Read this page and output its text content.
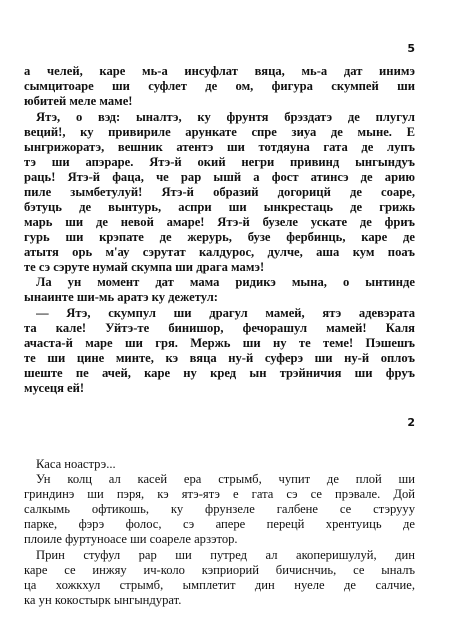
5
а челей, каре мь-а инсуфлат вяца, мь-а дат инимэ
сымцитоаре ши суфлет де ом, фигура скумпей ши
юбитей меле мамеǃ
Ятэ, о вэд: ыналтэ, ку фрунтя брэздатэ де плугул
вецийǃ, ку привириле арункате спре зиуа де мыне. Е
ынгрижоратэ, вешник атентэ ши тотдяуна гата де лупъ
тэ ши апэраре. Ятэ-й окий негри привинд ынгындуъ
рацьǃ Ятэ-й фаца, че рар ышй а фост атинсэ де арию
пиле зымбетулуйǃ Ятэ-й образий догорицй де соаре,
бэтуць де вынтурь, аспри ши ынкрестаць де грижь
марь ши де невой амареǃ Ятэ-й бузеле ускате де фриъ
гурь ши крэпате де жерурь, бузе фербинць, каре де
атытя орь м'ау сэрутат калдурос, дулче, аша кум поаъ
те сэ сэруте нумай скумпа ши драга мамэǃ
Ла ун момент дат мама ридикэ мына, о ынтинде
ынаинте ши-мь аратэ ку дежетул:
— Ятэ, скумпул ши драгул мамей, ятэ адевэрата
та кале! Уйтэ-те бинишор, фечорашул мамейǃ Каля
ачаста-й маре ши гря. Мержь ши ну те темеǃ Пэшешъ
те ши цине минте, кэ вяца ну-й суферэ ши ну-й оплоъ
шеште пе ачей, каре ну кред ын трэйничия ши фруъ
мусеця ейǃ
2
Каса ноастрэ...
Ун колц ал касей ера стрымб, чупит де плой ши
гриндинэ ши пэря, кэ ятэ-ятэ е гата сэ се прэвале. Дой
салкымь офтикошь, ку фрунзеле галбене се стэрууy
парке, фэрэ фолос, сэ апере перецй хрентуиць де
плоиле фуртуноасе ши соареле арзэтор.
Прин стуфул рар ши путред ал акоперишулуй, дин
каре се инжяу ич-коло кэприорий бичиснчиь, се ыналъ
ца хожкхул стрымб, ымплетит дин нуеле де салчие,
ка ун кокостырк ынгындурат.
